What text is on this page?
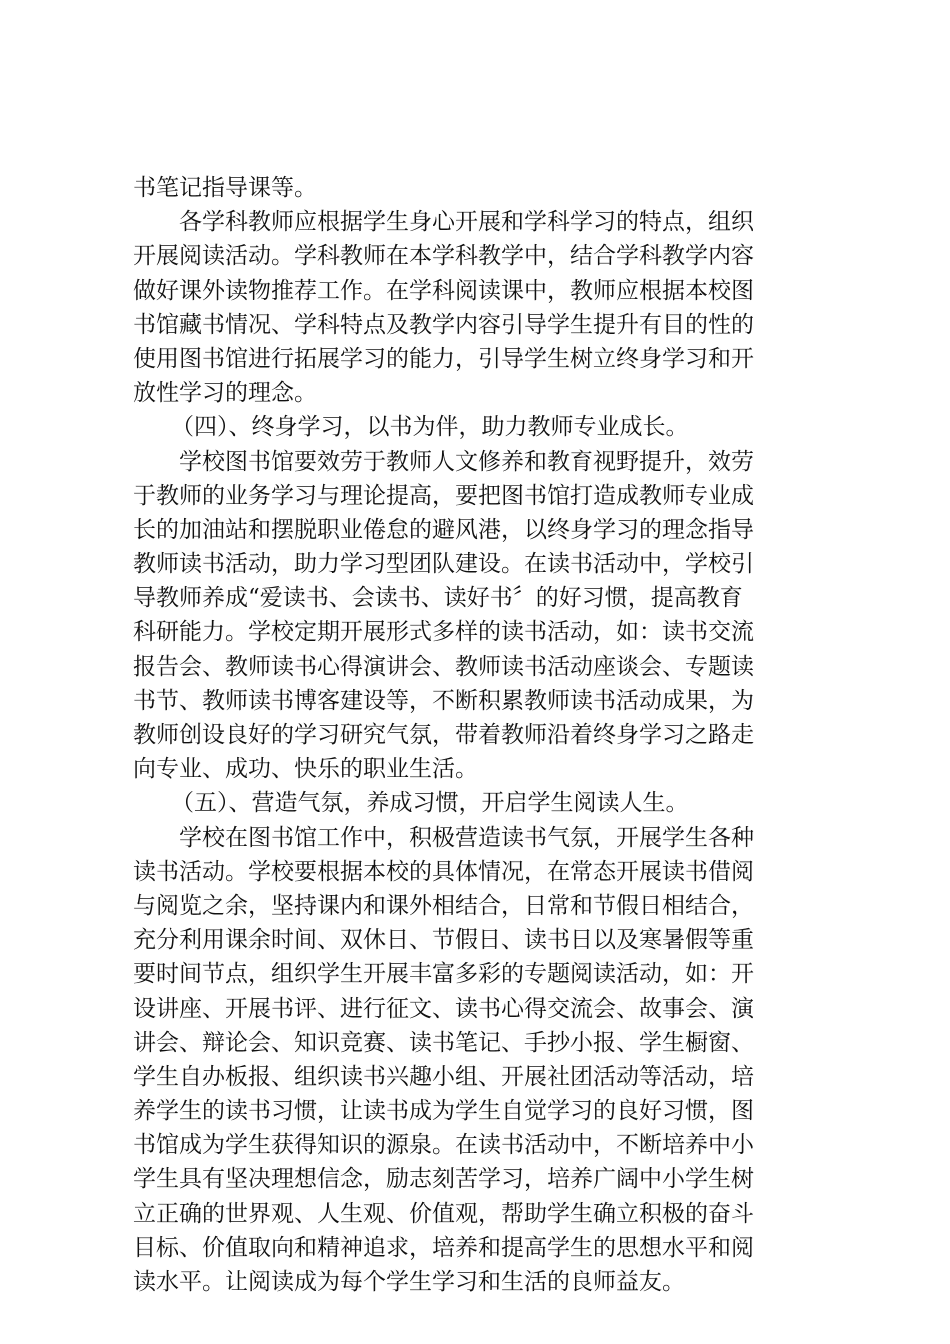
书笔记指导课等。
各学科教师应根据学生身心开展和学科学习的特点，组织
开展阅读活动。学科教师在本学科教学中，结合学科教学内容
做好课外读物推荐工作。在学科阅读课中，教师应根据本校图
书馆藏书情况、学科特点及教学内容引导学生提升有目的性的
使用图书馆进行拓展学习的能力，引导学生树立终身学习和开
放性学习的理念。
（四）、终身学习，以书为伴，助力教师专业成长。
学校图书馆要效劳于教师人文修养和教育视野提升，效劳
于教师的业务学习与理论提高，要把图书馆打造成教师专业成
长的加油站和摆脱职业倦怠的避风港，以终身学习的理念指导
教师读书活动，助力学习型团队建设。在读书活动中，学校引
导教师养成“爱读书、会读书、读好书〞的好习惯，提高教育
科研能力。学校定期开展形式多样的读书活动，如：读书交流
报告会、教师读书心得演讲会、教师读书活动座谈会、专题读
书节、教师读书博客建设等，不断积累教师读书活动成果，为
教师创设良好的学习研究气氛，带着教师沿着终身学习之路走
向专业、成功、快乐的职业生活。
（五）、营造气氛，养成习惯，开启学生阅读人生。
学校在图书馆工作中，积极营造读书气氛，开展学生各种
读书活动。学校要根据本校的具体情况，在常态开展读书借阅
与阅览之余，坚持课内和课外相结合，日常和节假日相结合，
充分利用课余时间、双休日、节假日、读书日以及寒暑假等重
要时间节点，组织学生开展丰富多彩的专题阅读活动，如：开
设讲座、开展书评、进行征文、读书心得交流会、故事会、演
讲会、辩论会、知识竞赛、读书笔记、手抄小报、学生橱窗、
学生自办板报、组织读书兴趣小组、开展社团活动等活动，培
养学生的读书习惯，让读书成为学生自觉学习的良好习惯，图
书馆成为学生获得知识的源泉。在读书活动中，不断培养中小
学生具有坚决理想信念，励志刻苦学习，培养广阔中小学生树
立正确的世界观、人生观、价值观，帮助学生确立积极的奋斗
目标、价值取向和精神追求，培养和提高学生的思想水平和阅
读水平。让阅读成为每个学生学习和生活的良师益友。
